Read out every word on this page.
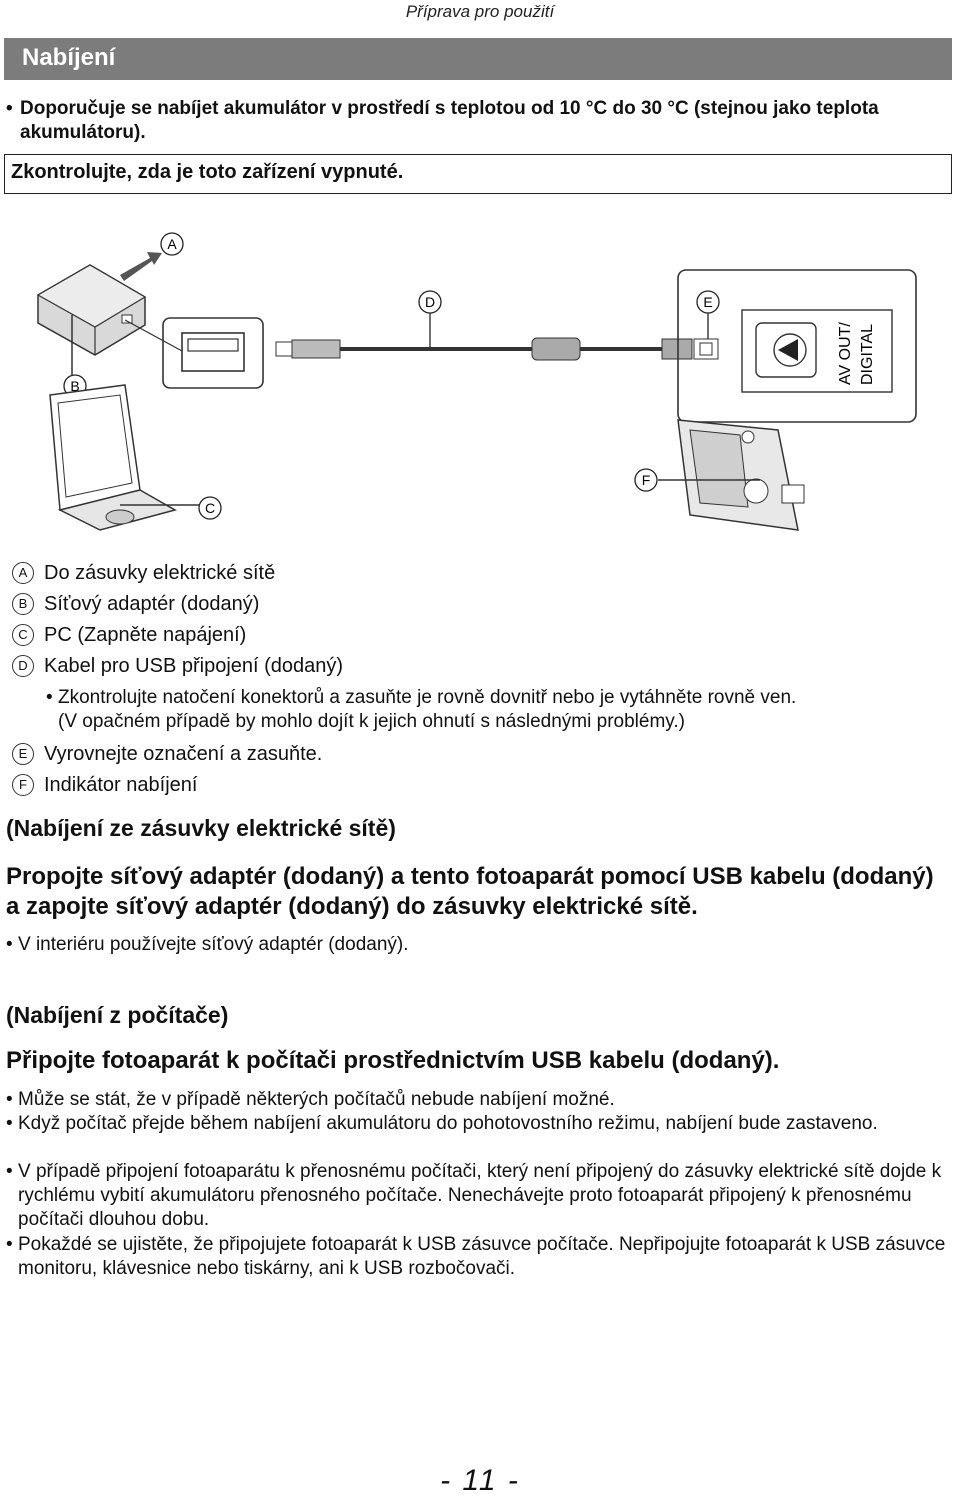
Příprava pro použití
Nabíjení
• Doporučuje se nabíjet akumulátor v prostředí s teplotou od 10 °C do 30 °C (stejnou jako teplota akumulátoru).
Zkontrolujte, zda je toto zařízení vypnuté.
A
B
D	E
AV OUT/ DIGITAL
C
F
A Do zásuvky elektrické sítě
B Síťový adaptér (dodaný)
C PC (Zapněte napájení)
D Kabel pro USB připojení (dodaný)
• Zkontrolujte natočení konektorů a zasuňte je rovně dovnitř nebo je vytáhněte rovně ven.
(V opačném případě by mohlo dojít k jejich ohnutí s následnými problémy.)
E Vyrovnejte označení a zasuňte.
F Indikátor nabíjení
(Nabíjení ze zásuvky elektrické sítě)
Propojte síťový adaptér (dodaný) a tento fotoaparát pomocí USB kabelu (dodaný) a zapojte síťový adaptér (dodaný) do zásuvky elektrické sítě.
• V interiéru používejte síťový adaptér (dodaný).
(Nabíjení z počítače)
Připojte fotoaparát k počítači prostřednictvím USB kabelu (dodaný).
• Může se stát, že v případě některých počítačů nebude nabíjení možné.
• Když počítač přejde během nabíjení akumulátoru do pohotovostního režimu, nabíjení bude zastaveno.
• V případě připojení fotoaparátu k přenosnému počítači, který není připojený do zásuvky elektrické sítě dojde k rychlému vybití akumulátoru přenosného počítače. Nenechávejte proto fotoaparát připojený k přenosnému počítači dlouhou dobu.
• Pokaždé se ujistěte, že připojujete fotoaparát k USB zásuvce počítače. Nepřipojujte fotoaparát k USB zásuvce monitoru, klávesnice nebo tiskárny, ani k USB rozbočovači.
- 11 -
